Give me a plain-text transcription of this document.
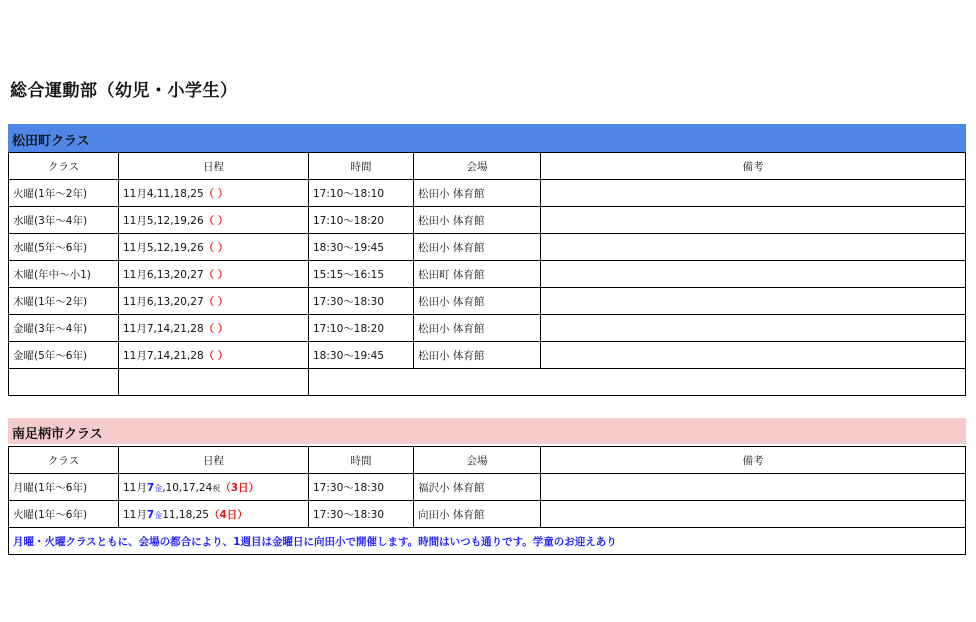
総合運動部（幼児・小学生）
松田町クラス
クラス	日程	時間	会場	備考
火曜(1年～2年)	11月4,11,18,25（ ）	17:10～18:10	松田小 体育館	
水曜(3年～4年)	11月5,12,19,26（ ）	17:10～18:20	松田小 体育館	
水曜(5年～6年)	11月5,12,19,26（ ）	18:30～19:45	松田小 体育館	
木曜(年中～小1)	11月6,13,20,27（ ）	15:15～16:15	松田町 体育館	
木曜(1年～2年)	11月6,13,20,27（ ）	17:30～18:30	松田小 体育館	
金曜(3年～4年)	11月7,14,21,28（ ）	17:10～18:20	松田小 体育館	
金曜(5年～6年)	11月7,14,21,28（ ）	18:30～19:45	松田小 体育館	

南足柄市クラス
クラス	日程	時間	会場	備考
月曜(1年～6年)	11月7金,10,17,24祝（3日）	17:30～18:30	福沢小 体育館	
火曜(1年～6年)	11月7金11,18,25（4日）	17:30～18:30	向田小 体育館	
月曜・火曜クラスともに、会場の都合により、1週目は金曜日に向田小で開催します。時間はいつも通りです。学童のお迎えあり				
